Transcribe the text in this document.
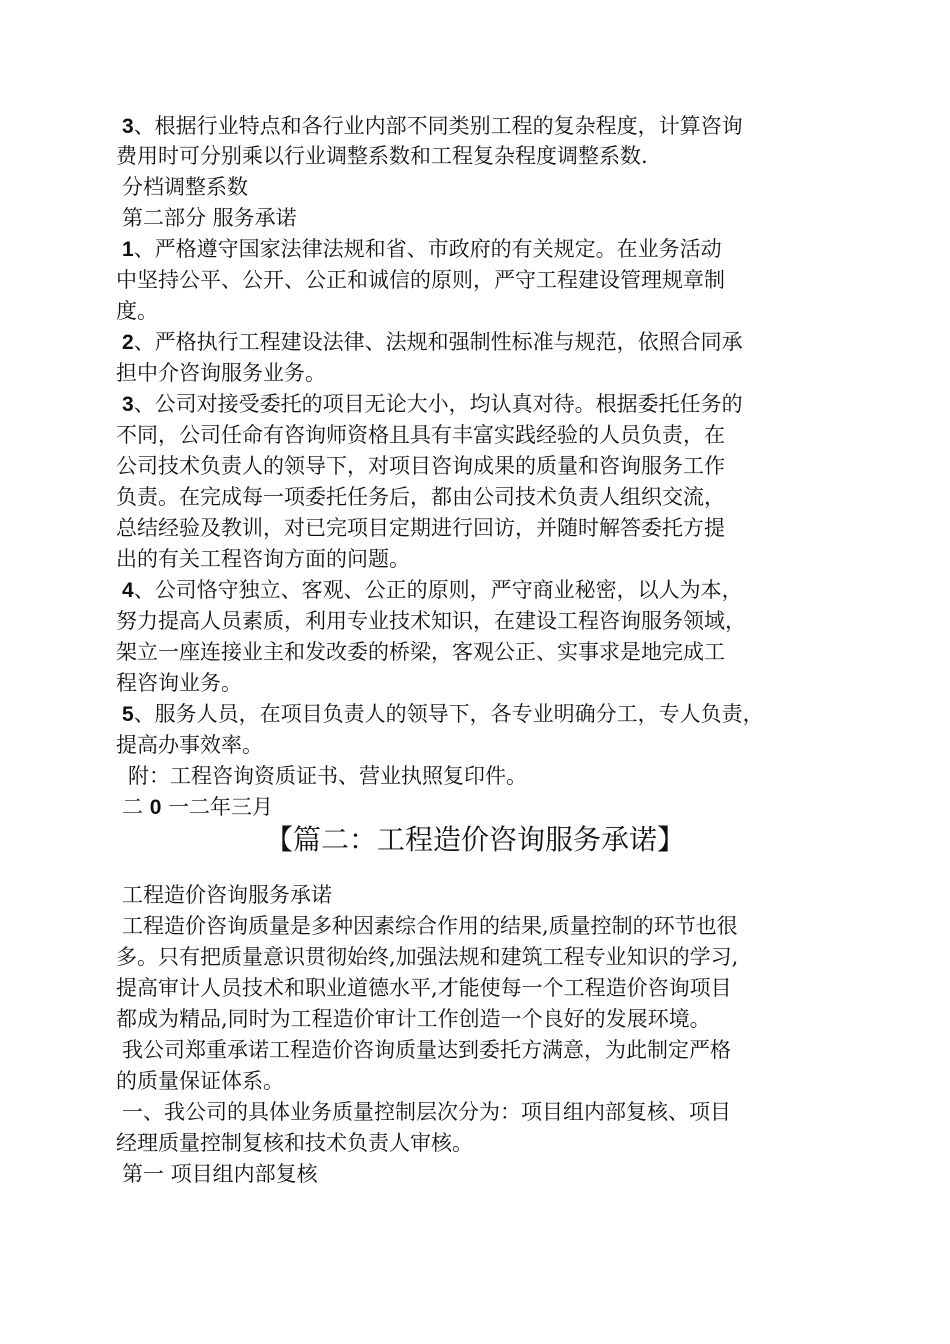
3、根据行业特点和各行业内部不同类别工程的复杂程度，计算咨询
费用时可分别乘以行业调整系数和工程复杂程度调整系数.
分档调整系数
第二部分 服务承诺
1、严格遵守国家法律法规和省、市政府的有关规定。在业务活动
中坚持公平、公开、公正和诚信的原则，严守工程建设管理规章制
度。
2、严格执行工程建设法律、法规和强制性标准与规范，依照合同承
担中介咨询服务业务。
3、公司对接受委托的项目无论大小，均认真对待。根据委托任务的
不同，公司任命有咨询师资格且具有丰富实践经验的人员负责，在
公司技术负责人的领导下，对项目咨询成果的质量和咨询服务工作
负责。在完成每一项委托任务后，都由公司技术负责人组织交流，
总结经验及教训，对已完项目定期进行回访，并随时解答委托方提
出的有关工程咨询方面的问题。
4、公司恪守独立、客观、公正的原则，严守商业秘密，以人为本，
努力提高人员素质，利用专业技术知识，在建设工程咨询服务领域，
架立一座连接业主和发改委的桥梁，客观公正、实事求是地完成工
程咨询业务。
5、服务人员，在项目负责人的领导下，各专业明确分工，专人负责，
提高办事效率。
附：工程咨询资质证书、营业执照复印件。
二 0 一二年三月
【篇二：工程造价咨询服务承诺】
工程造价咨询服务承诺
工程造价咨询质量是多种因素综合作用的结果,质量控制的环节也很
多。只有把质量意识贯彻始终,加强法规和建筑工程专业知识的学习,
提高审计人员技术和职业道德水平,才能使每一个工程造价咨询项目
都成为精品,同时为工程造价审计工作创造一个良好的发展环境。
我公司郑重承诺工程造价咨询质量达到委托方满意，为此制定严格
的质量保证体系。
一、我公司的具体业务质量控制层次分为：项目组内部复核、项目
经理质量控制复核和技术负责人审核。
第一 项目组内部复核
